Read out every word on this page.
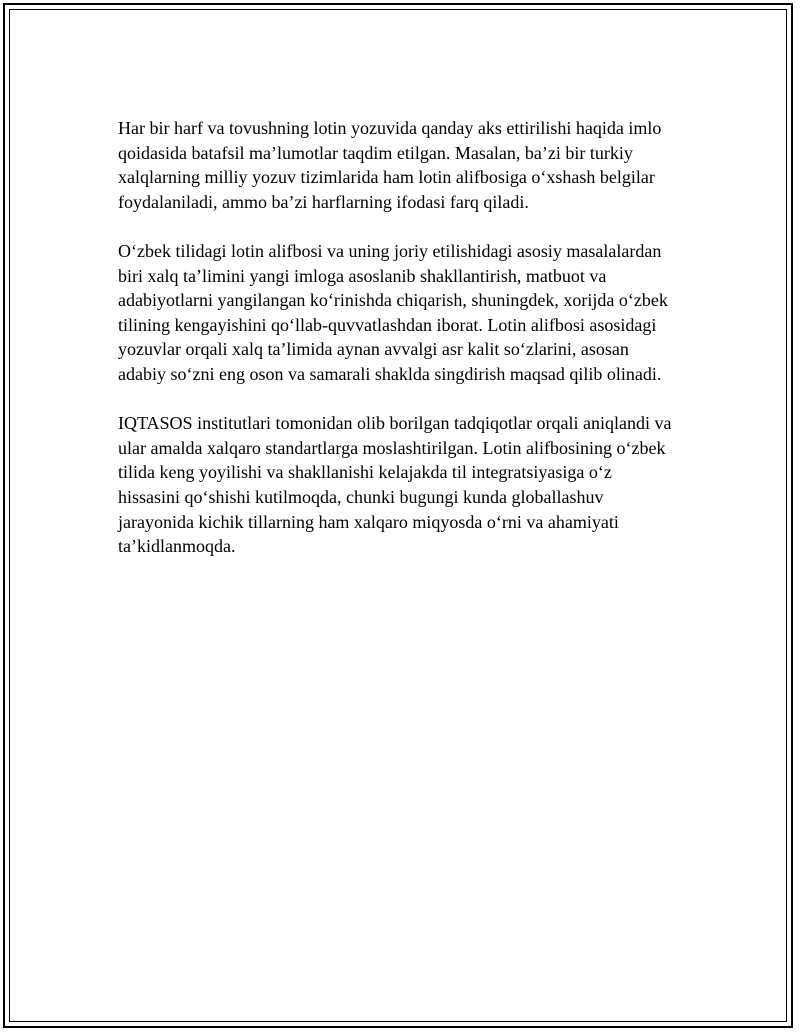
Har bir harf va tovushning lotin yozuvida qanday aks ettirilishi haqida imlo
qoidasida batafsil ma’lumotlar taqdim etilgan. Masalan, ba’zi bir turkiy
xalqlarning milliy yozuv tizimlarida ham lotin alifbosiga o‘xshash belgilar
foydalaniladi, ammo ba’zi harflarning ifodasi farq qiladi.

O‘zbek tilidagi lotin alifbosi va uning joriy etilishidagi asosiy masalalardan
biri xalq ta’limini yangi imloga asoslanib shakllantirish, matbuot va
adabiyotlarni yangilangan ko‘rinishda chiqarish, shuningdek, xorijda o‘zbek
tilining kengayishini qo‘llab-quvvatlashdan iborat. Lotin alifbosi asosidagi
yozuvlar orqali xalq ta’limida aynan avvalgi asr kalit so‘zlarini, asosan
adabiy so‘zni eng oson va samarali shaklda singdirish maqsad qilib olinadi.

IQTASOS institutlari tomonidan olib borilgan tadqiqotlar orqali aniqlandi va
ular amalda xalqaro standartlarga moslashtirilgan. Lotin alifbosining o‘zbek
tilida keng yoyilishi va shakllanishi kelajakda til integratsiyasiga o‘z
hissasini qo‘shishi kutilmoqda, chunki bugungi kunda globallashuv
jarayonida kichik tillarning ham xalqaro miqyosda o‘rni va ahamiyati
ta’kidlanmoqda.
